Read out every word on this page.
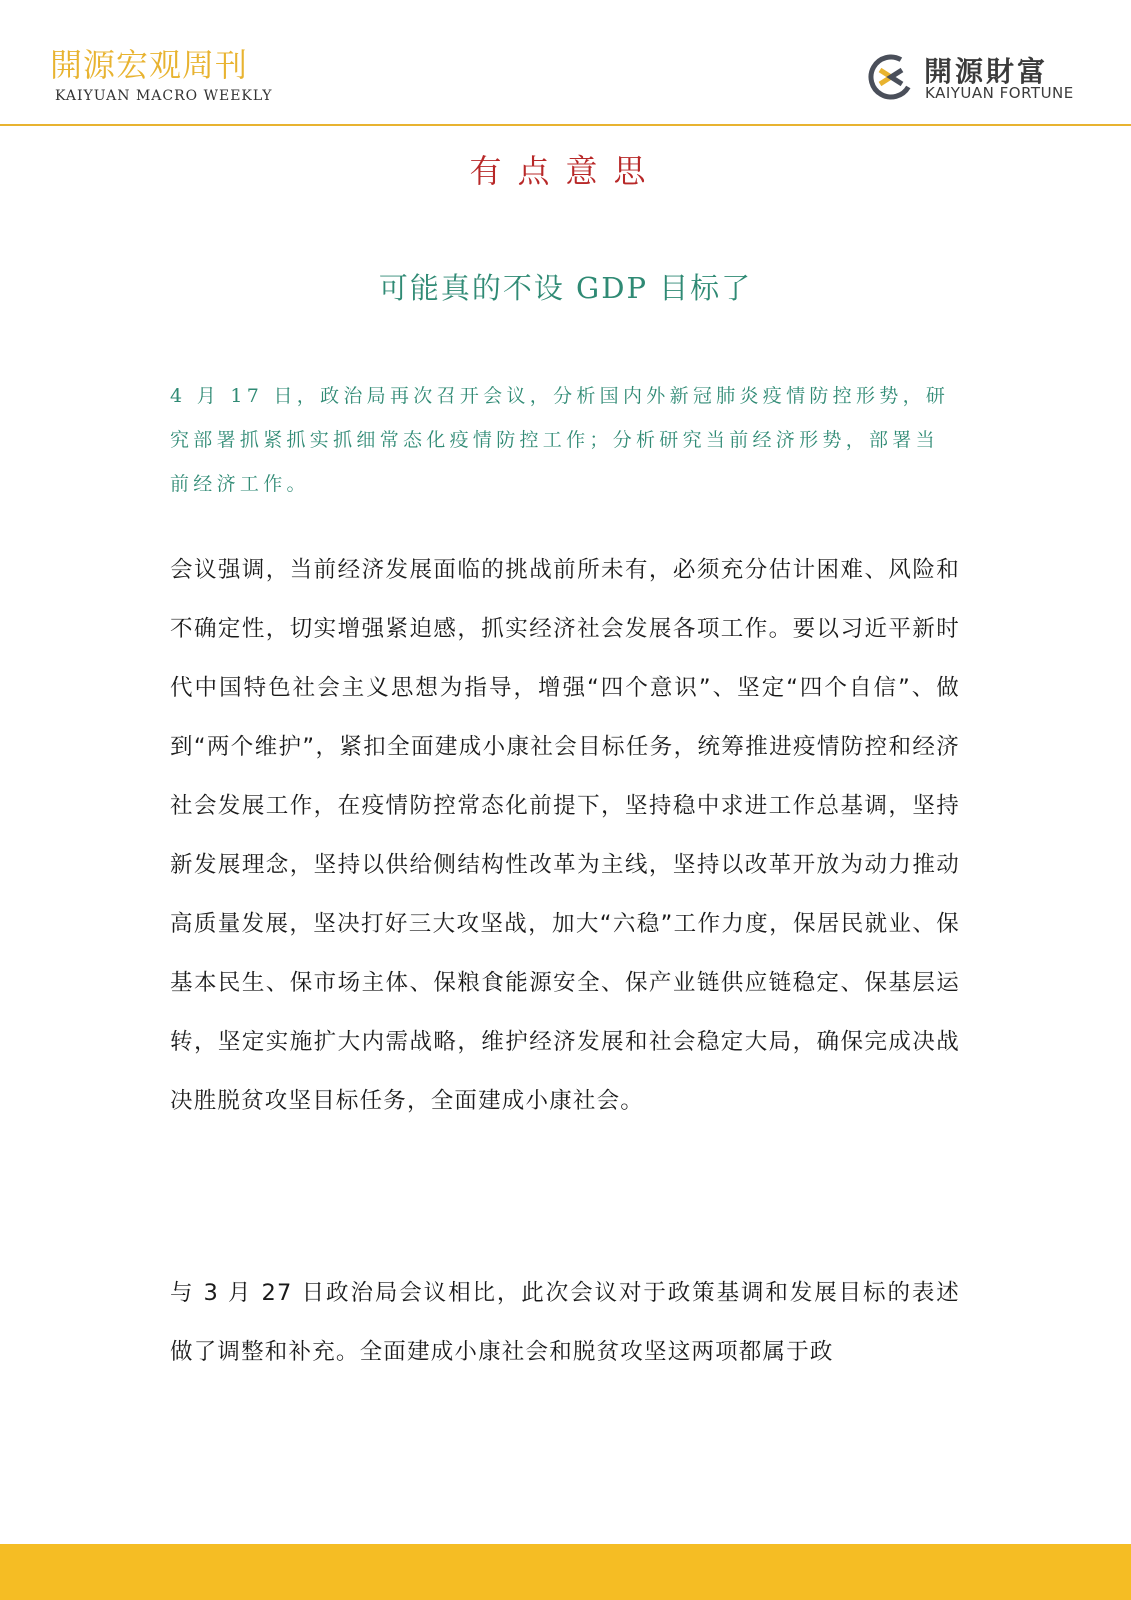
開源宏观周刊
KAIYUAN MACRO WEEKLY
開源財富
KAIYUAN FORTUNE
有点意思
可能真的不设 GDP 目标了

4 月 17 日，政治局再次召开会议，分析国内外新冠肺炎疫情防控形势，研究部署抓紧抓实抓细常态化疫情防控工作；分析研究当前经济形势，部署当前经济工作。

会议强调，当前经济发展面临的挑战前所未有，必须充分估计困难、风险和不确定性，切实增强紧迫感，抓实经济社会发展各项工作。要以习近平新时代中国特色社会主义思想为指导，增强“四个意识”、坚定“四个自信”、做到“两个维护”，紧扣全面建成小康社会目标任务，统筹推进疫情防控和经济社会发展工作，在疫情防控常态化前提下，坚持稳中求进工作总基调，坚持新发展理念，坚持以供给侧结构性改革为主线，坚持以改革开放为动力推动高质量发展，坚决打好三大攻坚战，加大“六稳”工作力度，保居民就业、保基本民生、保市场主体、保粮食能源安全、保产业链供应链稳定、保基层运转，坚定实施扩大内需战略，维护经济发展和社会稳定大局，确保完成决战决胜脱贫攻坚目标任务，全面建成小康社会。

与 3 月 27 日政治局会议相比，此次会议对于政策基调和发展目标的表述做了调整和补充。全面建成小康社会和脱贫攻坚这两项都属于政
